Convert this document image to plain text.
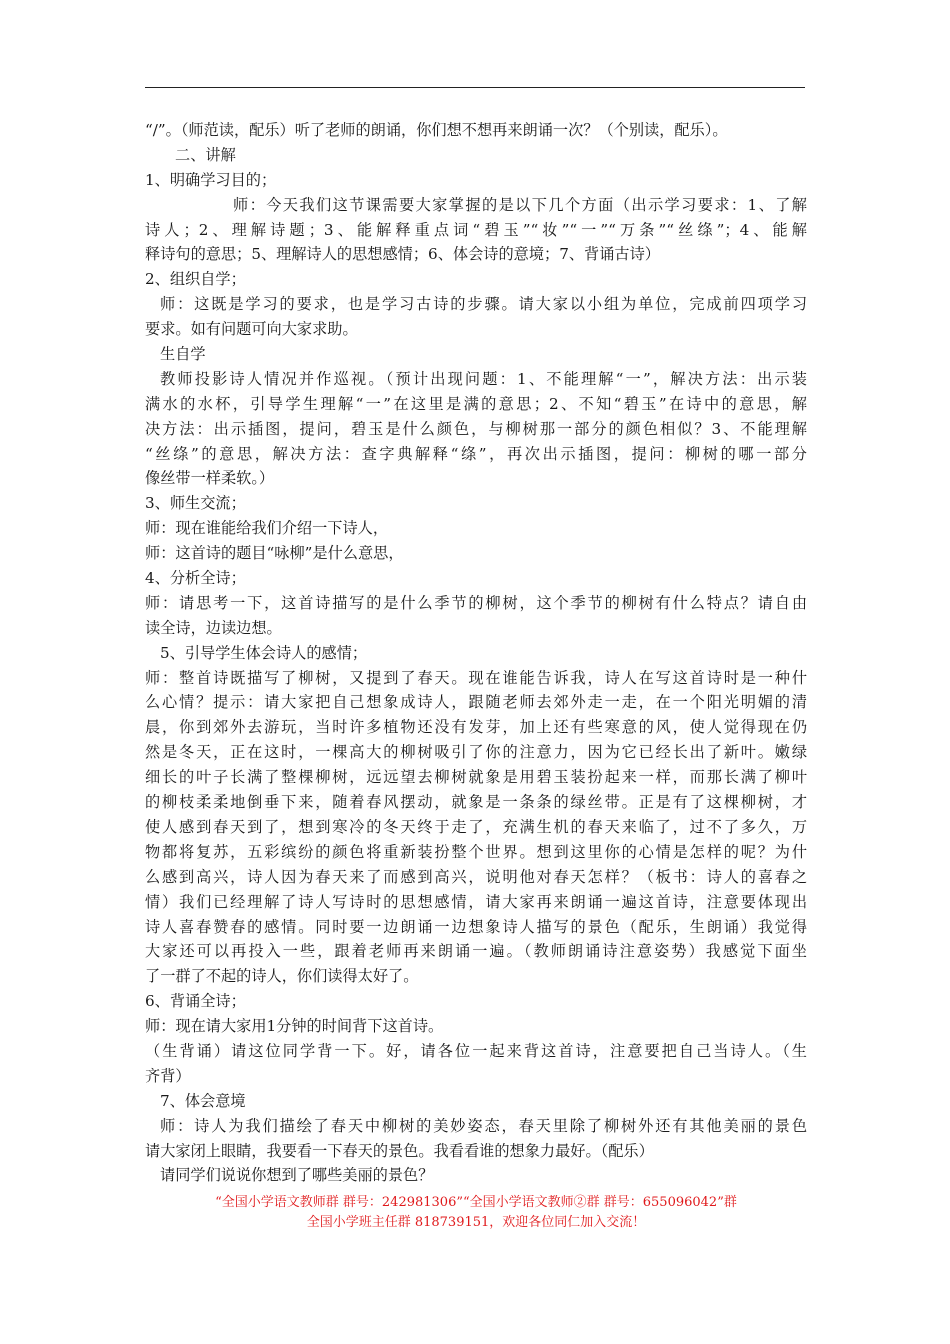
“/”。（师范读，配乐）听了老师的朗诵，你们想不想再来朗诵一次？（个别读，配乐）。
二、讲解
1、明确学习目的；
师：今天我们这节课需要大家掌握的是以下几个方面（出示学习要求：1、了解
诗人；2、理解诗题；3、能解释重点词“碧玉”“妆”“一”“万条”“丝绦”；4、能解
释诗句的意思；5、理解诗人的思想感情；6、体会诗的意境；7、背诵古诗）
2、组织自学；
师：这既是学习的要求，也是学习古诗的步骤。请大家以小组为单位，完成前四项学习
要求。如有问题可向大家求助。
生自学
教师投影诗人情况并作巡视。（预计出现问题：1、不能理解“一”，解决方法：出示装
满水的水杯，引导学生理解“一”在这里是满的意思；2、不知“碧玉”在诗中的意思，解
决方法：出示插图，提问，碧玉是什么颜色，与柳树那一部分的颜色相似？3、不能理解
“丝绦”的意思，解决方法：查字典解释“绦”，再次出示插图，提问：柳树的哪一部分
像丝带一样柔软。）
3、师生交流；
师：现在谁能给我们介绍一下诗人，
师：这首诗的题目“咏柳”是什么意思，
4、分析全诗；
师：请思考一下，这首诗描写的是什么季节的柳树，这个季节的柳树有什么特点？请自由
读全诗，边读边想。
5、引导学生体会诗人的感情；
师：整首诗既描写了柳树，又提到了春天。现在谁能告诉我，诗人在写这首诗时是一种什
么心情？提示：请大家把自己想象成诗人，跟随老师去郊外走一走，在一个阳光明媚的清
晨，你到郊外去游玩，当时许多植物还没有发芽，加上还有些寒意的风，使人觉得现在仍
然是冬天，正在这时，一棵高大的柳树吸引了你的注意力，因为它已经长出了新叶。嫩绿
细长的叶子长满了整棵柳树，远远望去柳树就象是用碧玉装扮起来一样，而那长满了柳叶
的柳枝柔柔地倒垂下来，随着春风摆动，就象是一条条的绿丝带。正是有了这棵柳树，才
使人感到春天到了，想到寒冷的冬天终于走了，充满生机的春天来临了，过不了多久，万
物都将复苏，五彩缤纷的颜色将重新装扮整个世界。想到这里你的心情是怎样的呢？为什
么感到高兴，诗人因为春天来了而感到高兴，说明他对春天怎样？（板书：诗人的喜春之
情）我们已经理解了诗人写诗时的思想感情，请大家再来朗诵一遍这首诗，注意要体现出
诗人喜春赞春的感情。同时要一边朗诵一边想象诗人描写的景色（配乐，生朗诵）我觉得
大家还可以再投入一些，跟着老师再来朗诵一遍。（教师朗诵诗注意姿势）我感觉下面坐
了一群了不起的诗人，你们读得太好了。
6、背诵全诗；
师：现在请大家用1分钟的时间背下这首诗。
（生背诵）请这位同学背一下。好，请各位一起来背这首诗，注意要把自己当诗人。（生
齐背）
7、体会意境
师：诗人为我们描绘了春天中柳树的美妙姿态，春天里除了柳树外还有其他美丽的景色
请大家闭上眼睛，我要看一下春天的景色。我看看谁的想象力最好。（配乐）
请同学们说说你想到了哪些美丽的景色？
“全国小学语文教师群 群号：242981306”“全国小学语文教师②群 群号：655096042”群
全国小学班主任群 818739151，欢迎各位同仁加入交流！
